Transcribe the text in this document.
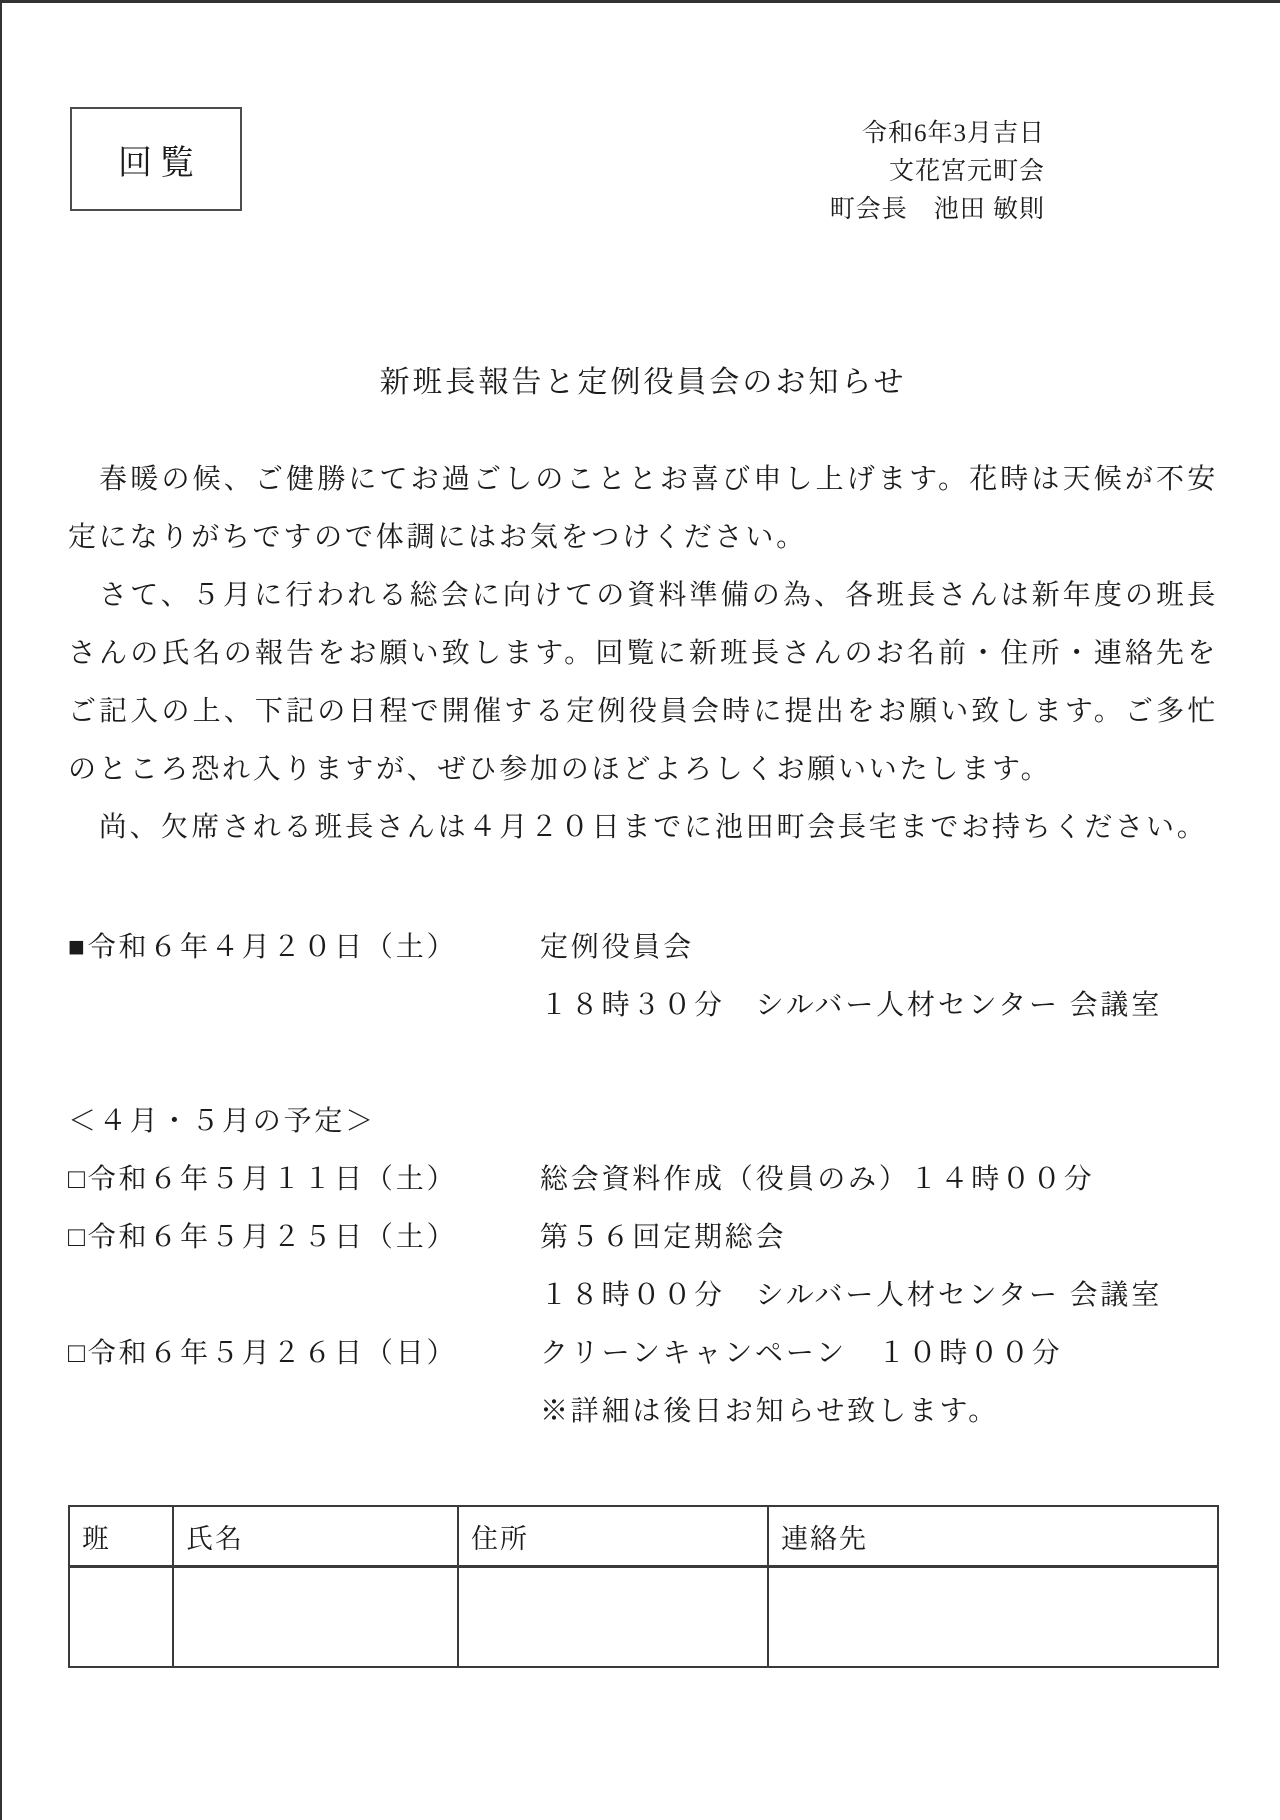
回覧
令和6年3月吉日
文花宮元町会
町会長　池田 敏則
新班長報告と定例役員会のお知らせ

　春暖の候、ご健勝にてお過ごしのこととお喜び申し上げます。花時は天候が不安定になりがちですので体調にはお気をつけください。

　さて、５月に行われる総会に向けての資料準備の為、各班長さんは新年度の班長さんの氏名の報告をお願い致します。回覧に新班長さんのお名前・住所・連絡先をご記入の上、下記の日程で開催する定例役員会時に提出をお願い致します。ご多忙のところ恐れ入りますが、ぜひ参加のほどよろしくお願いいたします。

　尚、欠席される班長さんは４月２０日までに池田町会長宅までお持ちください。

■令和６年４月２０日（土）	定例役員会
１８時３０分　シルバー人材センター 会議室
＜４月・５月の予定＞
□令和６年５月１１日（土）	総会資料作成（役員のみ）１４時００分
□令和６年５月２５日（土）	第５６回定期総会
１８時００分　シルバー人材センター 会議室
□令和６年５月２６日（日）	クリーンキャンペーン　１０時００分
※詳細は後日お知らせ致します。
班	氏名	住所	連絡先
